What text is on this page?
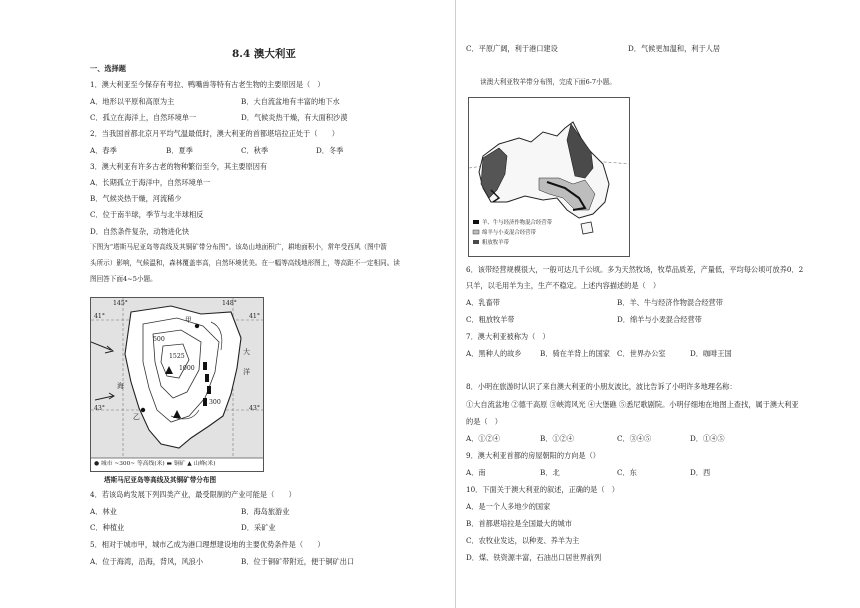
8.4 澳大利亚
一、选择题
1．澳大利亚至今保存有考拉、鸭嘴兽等特有古老生物的主要原因是（　）
A．地形以平原和高原为主	B．大自流盆地有丰富的地下水
C．孤立在海洋上，自然环境单一	D．气候炎热干燥，有大面积沙漠
2．当我国首都北京月平均气温最低时，澳大利亚的首都堪培拉正处于（　　）
A．春季	B．夏季	C．秋季	D．冬季
3．澳大利亚有许多古老的物种繁衍至今，其主要原因有
A．长期孤立于海洋中，自然环境单一
B．气候炎热干燥，河流稀少
C．位于南半球，季节与北半球相反
D．自然条件复杂，动物进化快
下图为“塔斯马尼亚岛等高线及其铜矿带分布图”。该岛山地面积广，耕地面积小，常年受西风（图中箭
头所示）影响，气候温和，森林覆盖率高，自然环境优美。在一幅等高线地形图上，等高距不一定相同。读
图回答下面4~5小题。
145°	148°
41°	41°
43°	43°
500
1000
1525
300
甲
乙
大
洋
海
● 城市 ~300~ 等高线(米) ▬ 铜矿 ▲ 山峰(米)
塔斯马尼亚岛等高线及其铜矿带分布图
4．若该岛屿发展下列四类产业，最受限制的产业可能是（　　）
A．林业	B．海岛旅游业
C．种植业	D．采矿业
5．相对于城市甲，城市乙成为港口理想建设地的主要优势条件是（　　）
A．位于海湾，沿海，背风，风浪小	B．位于铜矿带附近，便于铜矿出口
C．平原广阔，利于港口建设	D．气候更加温和，利于人居
读澳大利亚牧羊带分布图，完成下面6-7小题。
羊、牛与经济作物混合经营带
绵羊与小麦混合经营带
粗放牧羊带
6．该带经营规模很大，一般可达几千公顷。多为天然牧场，牧草品质差，产量低，平均每公顷可放养0．2
只羊，以毛用羊为主，生产不稳定。上述内容描述的是（　）
A．乳畜带	B．羊、牛与经济作物混合经营带
C．粗放牧羊带	D．绵羊与小麦混合经营带
7．澳大利亚被称为（　）
A．黑种人的故乡	B．骑在羊背上的国家 C．世界办公室	D．咖啡王国
8．小明在旅游时认识了来自澳大利亚的小朋友波比，波比告诉了小明许多地理名称：
①大自流盆地 ②德干高原 ③峡湾风光 ④大堡礁 ⑤悉尼歌剧院。小明仔细地在地图上查找，属于澳大利亚
的是（　）
A．①②④	B．①②④	C．③④⑤	D．①④⑤
9．澳大利亚首都的房屋朝阳的方向是（）
A．南	B．北	C．东	D．西
10．下面关于澳大利亚的叙述，正确的是（　）
A．是一个人多地少的国家
B．首都堪培拉是全国最大的城市
C．农牧业发达，以种麦、养羊为主
D．煤、铁资源丰富，石油出口居世界前列
